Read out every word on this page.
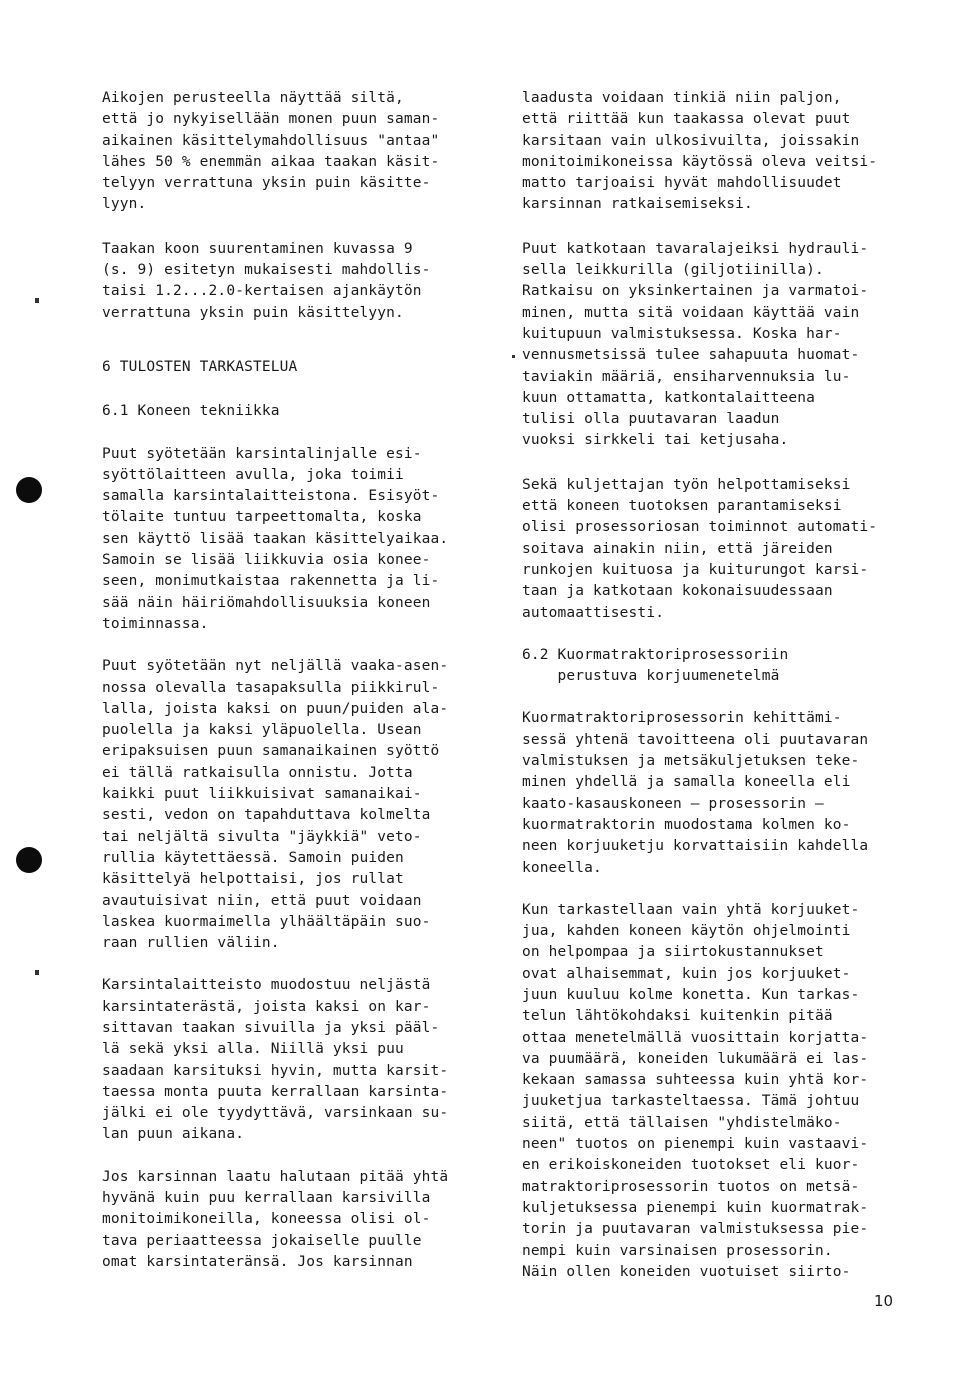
Aikojen perusteella näyttää siltä,
että jo nykyisellään monen puun saman-
aikainen käsittelymahdollisuus "antaa"
lähes 50 % enemmän aikaa taakan käsit-
telyyn verrattuna yksin puin käsitte-
lyyn.
Taakan koon suurentaminen kuvassa 9
(s. 9) esitetyn mukaisesti mahdollis-
taisi 1.2...2.0-kertaisen ajankäytön
verrattuna yksin puin käsittelyyn.
6 TULOSTEN TARKASTELUA
6.1 Koneen tekniikka
Puut syötetään karsintalinjalle esi-
syöttölaitteen avulla, joka toimii
samalla karsintalaitteistona. Esisyöt-
tölaite tuntuu tarpeettomalta, koska
sen käyttö lisää taakan käsittelyaikaa.
Samoin se lisää liikkuvia osia konee-
seen, monimutkaistaa rakennetta ja li-
sää näin häiriömahdollisuuksia koneen
toiminnassa.
Puut syötetään nyt neljällä vaaka-asen-
nossa olevalla tasapaksulla piikkirul-
lalla, joista kaksi on puun/puiden ala-
puolella ja kaksi yläpuolella. Usean
eripaksuisen puun samanaikainen syöttö
ei tällä ratkaisulla onnistu. Jotta
kaikki puut liikkuisivat samanaikai-
sesti, vedon on tapahduttava kolmelta
tai neljältä sivulta "jäykkiä" veto-
rullia käytettäessä. Samoin puiden
käsittelyä helpottaisi, jos rullat
avautuisivat niin, että puut voidaan
laskea kuormaimella ylhäältäpäin suo-
raan rullien väliin.
Karsintalaitteisto muodostuu neljästä
karsintaterästä, joista kaksi on kar-
sittavan taakan sivuilla ja yksi pääl-
lä sekä yksi alla. Niillä yksi puu
saadaan karsituksi hyvin, mutta karsit-
taessa monta puuta kerrallaan karsinta-
jälki ei ole tyydyttävä, varsinkaan su-
lan puun aikana.
Jos karsinnan laatu halutaan pitää yhtä
hyvänä kuin puu kerrallaan karsivilla
monitoimikoneilla, koneessa olisi ol-
tava periaatteessa jokaiselle puulle
omat karsintateränsä. Jos karsinnan
laadusta voidaan tinkiä niin paljon,
että riittää kun taakassa olevat puut
karsitaan vain ulkosivuilta, joissakin
monitoimikoneissa käytössä oleva veitsi-
matto tarjoaisi hyvät mahdollisuudet
karsinnan ratkaisemiseksi.
Puut katkotaan tavaralajeiksi hydrauli-
sella leikkurilla (giljotiinilla).
Ratkaisu on yksinkertainen ja varmatoi-
minen, mutta sitä voidaan käyttää vain
kuitupuun valmistuksessa. Koska har-
vennusmetsissä tulee sahapuuta huomat-
taviakin määriä, ensiharvennuksia lu-
kuun ottamatta, katkontalaitteena
tulisi olla puutavaran laadun
vuoksi sirkkeli tai ketjusaha.
Sekä kuljettajan työn helpottamiseksi
että koneen tuotoksen parantamiseksi
olisi prosessoriosan toiminnot automati-
soitava ainakin niin, että järeiden
runkojen kuituosa ja kuiturungot karsi-
taan ja katkotaan kokonaisuudessaan
automaattisesti.
6.2 Kuormatraktoriprosessoriin
perustuva korjuumenetelmä
Kuormatraktoriprosessorin kehittämi-
sessä yhtenä tavoitteena oli puutavaran
valmistuksen ja metsäkuljetuksen teke-
minen yhdellä ja samalla koneella eli
kaato-kasauskoneen – prosessorin –
kuormatraktorin muodostama kolmen ko-
neen korjuuketju korvattaisiin kahdella
koneella.
Kun tarkastellaan vain yhtä korjuuket-
jua, kahden koneen käytön ohjelmointi
on helpompaa ja siirtokustannukset
ovat alhaisemmat, kuin jos korjuuket-
juun kuuluu kolme konetta. Kun tarkas-
telun lähtökohdaksi kuitenkin pitää
ottaa menetelmällä vuosittain korjatta-
va puumäärä, koneiden lukumäärä ei las-
kekaan samassa suhteessa kuin yhtä kor-
juuketjua tarkasteltaessa. Tämä johtuu
siitä, että tällaisen "yhdistelmäko-
neen" tuotos on pienempi kuin vastaavi-
en erikoiskoneiden tuotokset eli kuor-
matraktoriprosessorin tuotos on metsä-
kuljetuksessa pienempi kuin kuormatrak-
torin ja puutavaran valmistuksessa pie-
nempi kuin varsinaisen prosessorin.
Näin ollen koneiden vuotuiset siirto-
10
